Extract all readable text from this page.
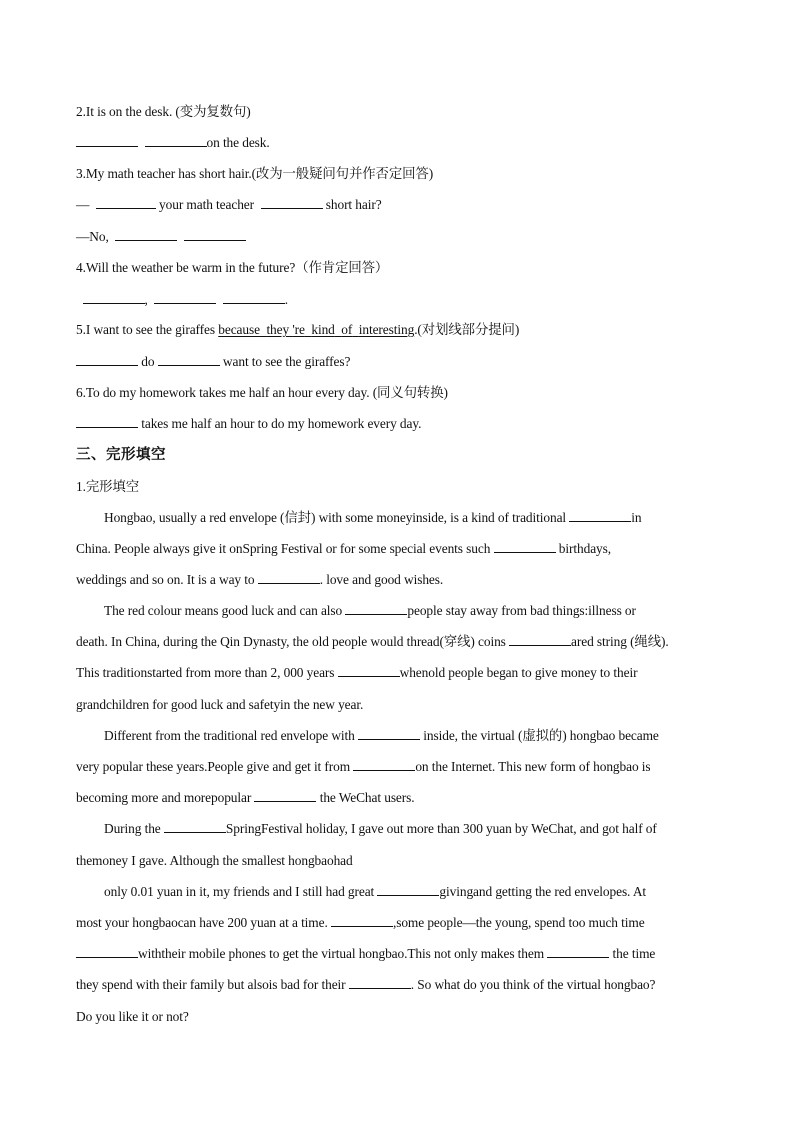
2.It is on the desk. (变为复数句)
on the desk.
3.My math teacher has short hair.(改为一般疑问句并作否定回答)
—	your math teacher	short hair?
—No,
4.Will the weather be warm in the future?（作肯定回答）
,	.
5.I want to see the giraffes because they 're kind of interesting.(对划线部分提问)
do	want to see the giraffes?
6.To do my homework takes me half an hour every day. (同义句转换)
takes me half an hour to do my homework every day.
三、完形填空
1.完形填空
Hongbao, usually a red envelope (信封) with some moneyinside, is a kind of traditional	in
China. People always give it onSpring Festival or for some special events such	birthdays,
weddings and so on. It is a way to	. love and good wishes.
The red colour means good luck and can also	people stay away from bad things:illness or
death. In China, during the Qin Dynasty, the old people would thread(穿线) coins	ared string (绳线).
This traditionstarted from more than 2, 000 years	whenold people began to give money to their
grandchildren for good luck and safetyin the new year.
Different from the traditional red envelope with	inside, the virtual (虚拟的) hongbao became
very popular these years.People give and get it from	on the Internet. This new form of hongbao is
becoming more and morepopular	the WeChat users.
During the	SpringFestival holiday, I gave out more than 300 yuan by WeChat, and got half of
themoney I gave. Although the smallest hongbaohad
only 0.01 yuan in it, my friends and I still had great	givingand getting the red envelopes. At
most your hongbaocan have 200 yuan at a time.	,some people—the young, spend too much time
withtheir mobile phones to get the virtual hongbao.This not only makes them	the time
they spend with their family but alsois bad for their	. So what do you think of the virtual hongbao?
Do you like it or not?
